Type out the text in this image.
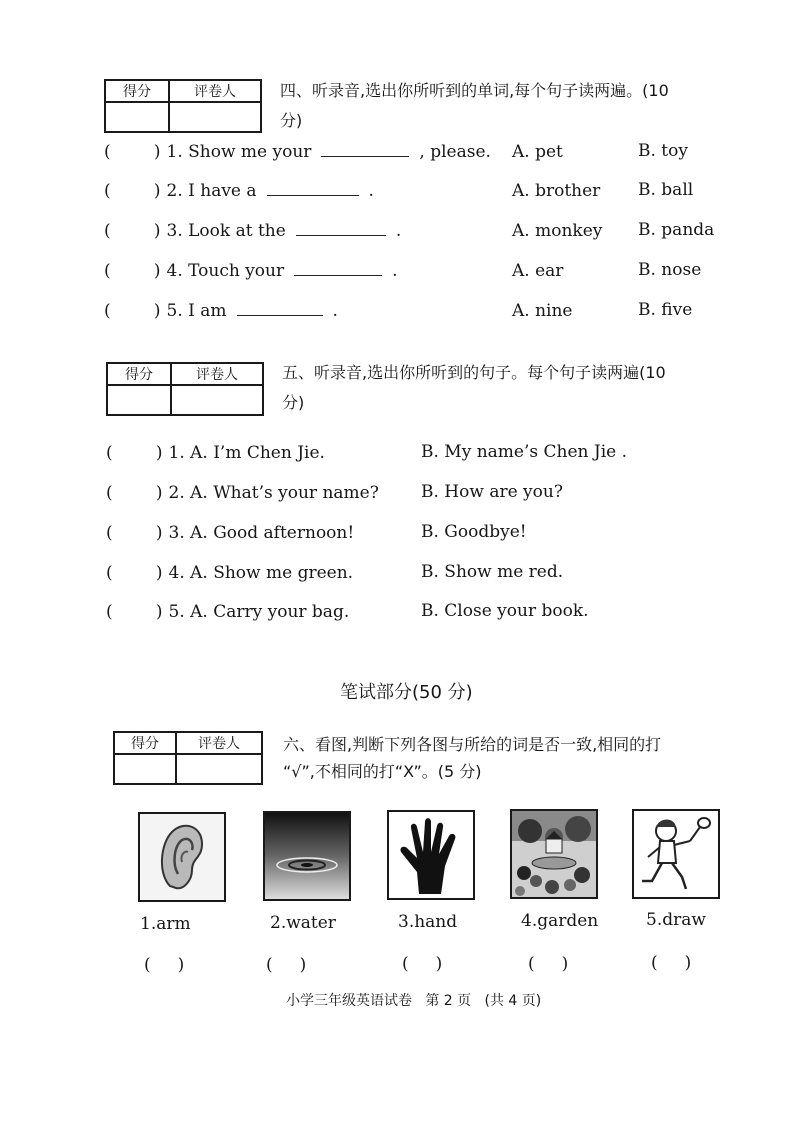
得分	评卷人
		四、听录音,选出你所听到的单词,每个句子读两遍。(10
分)
(        ) 1. Show me your	, please. A. pet	B. toy
(        ) 2. I have a	.	A. brother B. ball
(        ) 3. Look at the	.	A. monkey B. panda
(        ) 4. Touch your	.	A. ear	B. nose
(        ) 5. I am	.	A. nine	B. five
得分	评卷人
		五、听录音,选出你所听到的句子。每个句子读两遍(10
分)
(        ) 1. A. I’m Chen Jie.	B. My name’s Chen Jie .
(        ) 2. A. What’s your name? B. How are you?
(        ) 3. A. Good afternoon!	B. Goodbye!
(        ) 4. A. Show me green.	B. Show me red.
(        ) 5. A. Carry your bag.	B. Close your book.
笔试部分(50 分)
得分	评卷人
		六、看图,判断下列各图与所给的词是否一致,相同的打
“√”,不相同的打“X”。(5 分)
1.arm
(     )
2.water
(     )
3.hand
(     )
4.garden
(     )
5.draw
(     )
小学三年级英语试卷   第 2 页   (共 4 页)
